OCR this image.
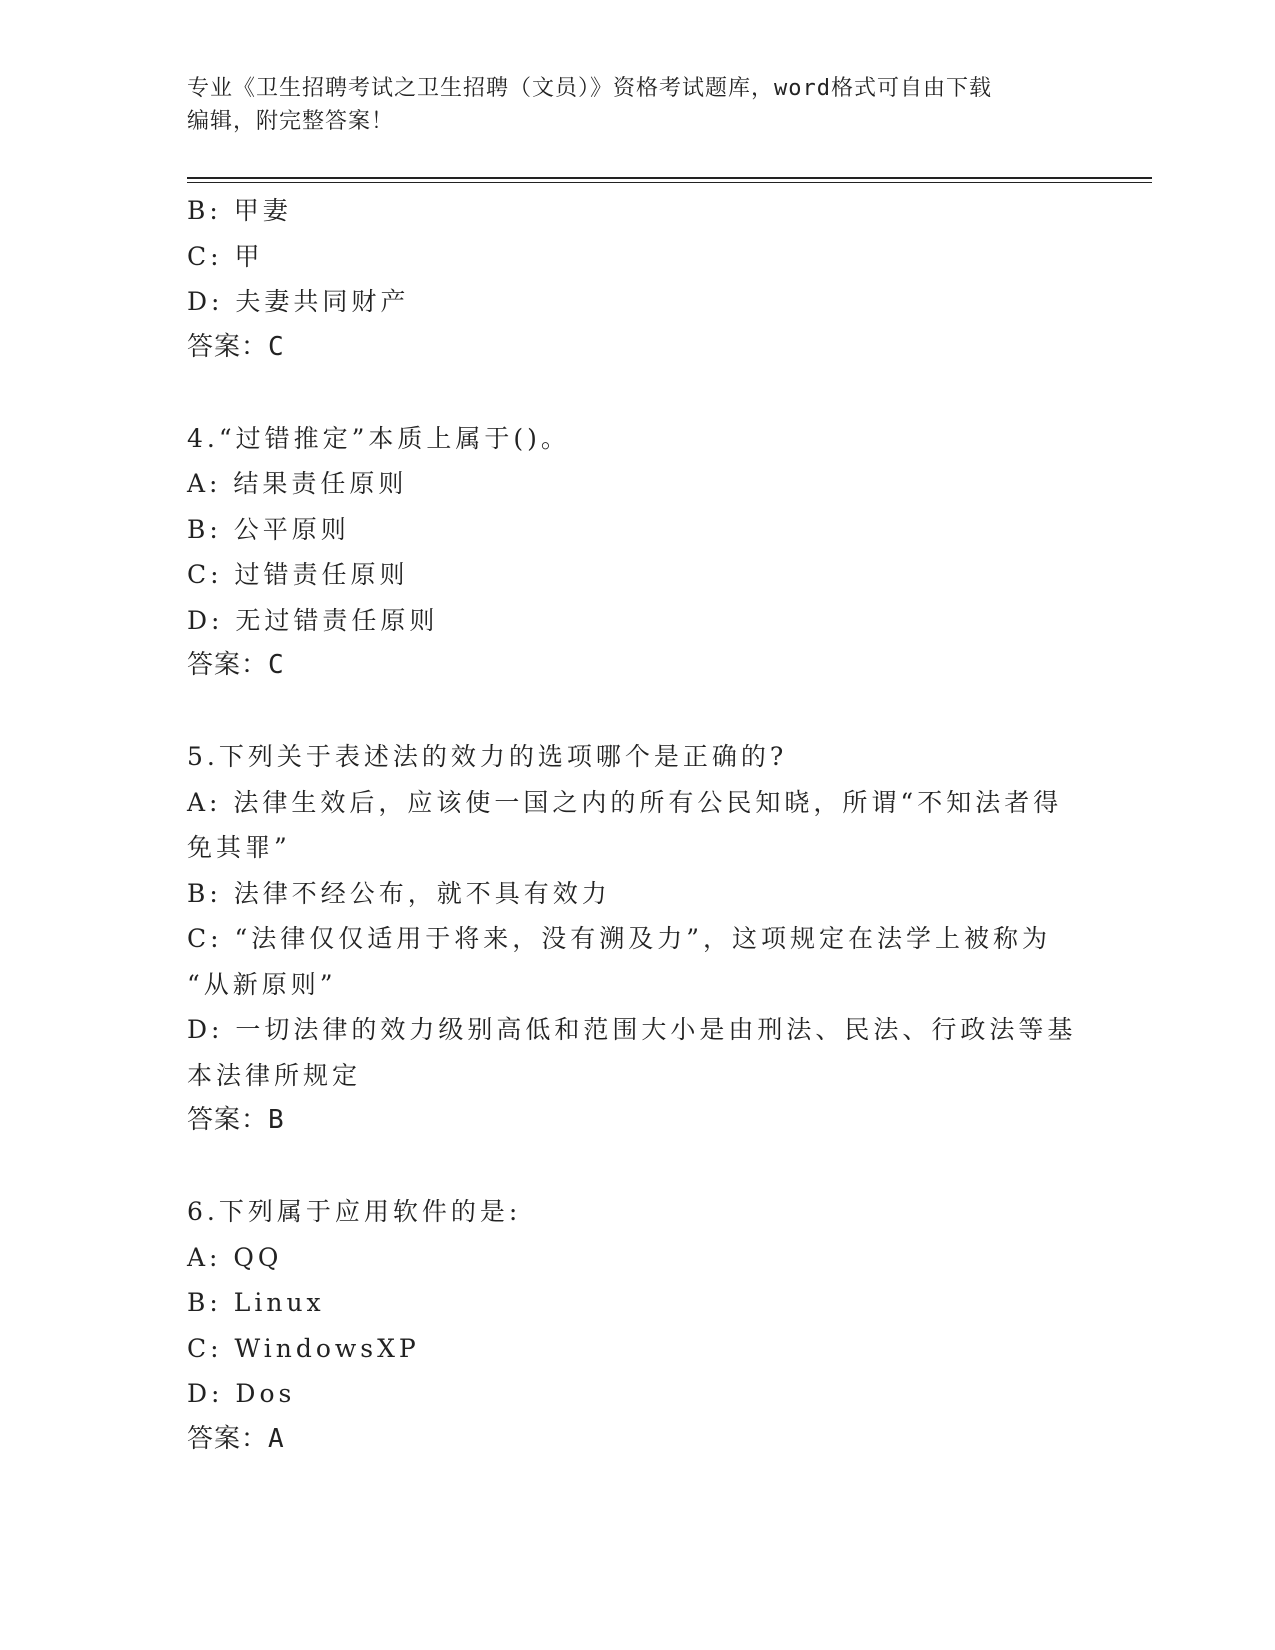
专业《卫生招聘考试之卫生招聘（文员）》资格考试题库，word格式可自由下载
编辑，附完整答案！
B: 甲妻
C: 甲
D: 夫妻共同财产
答案：C
4.“过错推定”本质上属于()。
A: 结果责任原则
B: 公平原则
C: 过错责任原则
D: 无过错责任原则
答案：C
5.下列关于表述法的效力的选项哪个是正确的?
A: 法律生效后，应该使一国之内的所有公民知晓，所谓“不知法者得
免其罪”
B: 法律不经公布，就不具有效力
C: “法律仅仅适用于将来，没有溯及力”，这项规定在法学上被称为
“从新原则”
D: 一切法律的效力级别高低和范围大小是由刑法、民法、行政法等基
本法律所规定
答案：B
6.下列属于应用软件的是:
A: QQ
B: Linux
C: WindowsXP
D: Dos
答案：A
